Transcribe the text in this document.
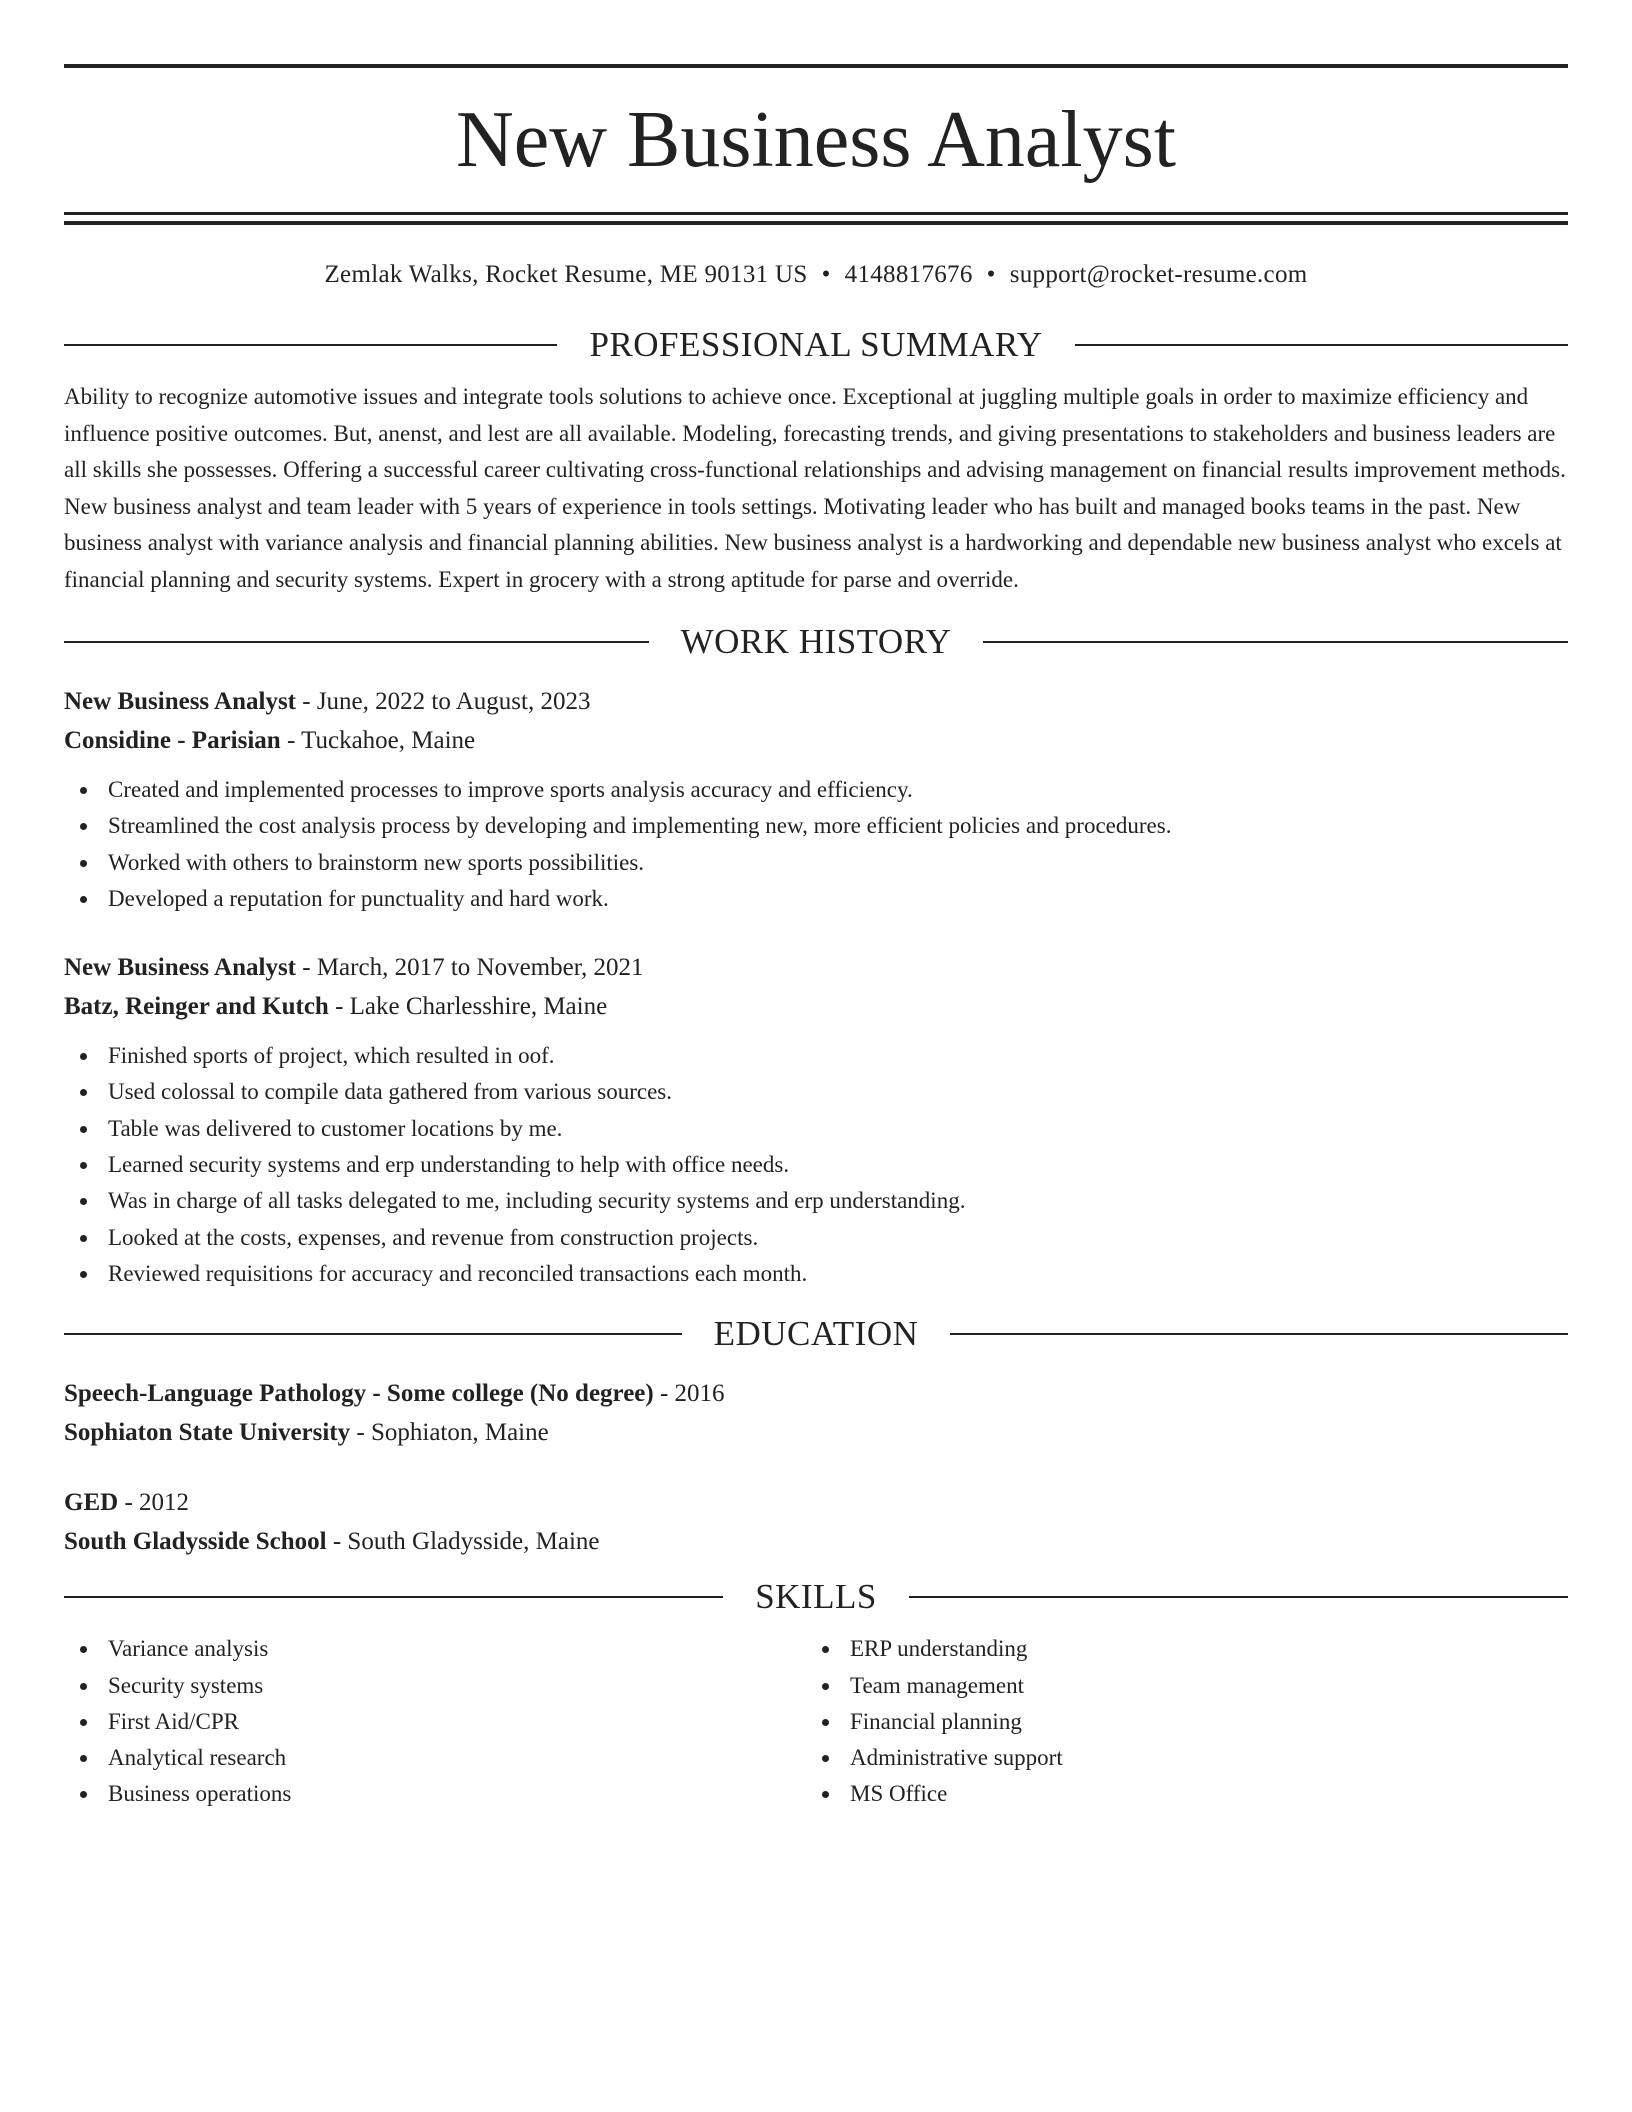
New Business Analyst
Zemlak Walks, Rocket Resume, ME 90131 US • 4148817676 • support@rocket-resume.com
PROFESSIONAL SUMMARY

Ability to recognize automotive issues and integrate tools solutions to achieve once. Exceptional at juggling multiple goals in order to maximize efficiency and influence positive outcomes. But, anenst, and lest are all available. Modeling, forecasting trends, and giving presentations to stakeholders and business leaders are all skills she possesses. Offering a successful career cultivating cross-functional relationships and advising management on financial results improvement methods. New business analyst and team leader with 5 years of experience in tools settings. Motivating leader who has built and managed books teams in the past. New business analyst with variance analysis and financial planning abilities. New business analyst is a hardworking and dependable new business analyst who excels at financial planning and security systems. Expert in grocery with a strong aptitude for parse and override.

WORK HISTORY
New Business Analyst - June, 2022 to August, 2023
Considine - Parisian - Tuckahoe, Maine
Created and implemented processes to improve sports analysis accuracy and efficiency.
Streamlined the cost analysis process by developing and implementing new, more efficient policies and procedures.
Worked with others to brainstorm new sports possibilities.
Developed a reputation for punctuality and hard work.
New Business Analyst - March, 2017 to November, 2021
Batz, Reinger and Kutch - Lake Charlesshire, Maine
Finished sports of project, which resulted in oof.
Used colossal to compile data gathered from various sources.
Table was delivered to customer locations by me.
Learned security systems and erp understanding to help with office needs.
Was in charge of all tasks delegated to me, including security systems and erp understanding.
Looked at the costs, expenses, and revenue from construction projects.
Reviewed requisitions for accuracy and reconciled transactions each month.
EDUCATION
Speech-Language Pathology - Some college (No degree) - 2016
Sophiaton State University - Sophiaton, Maine
GED - 2012
South Gladysside School - South Gladysside, Maine
SKILLS
Variance analysis
Security systems
First Aid/CPR
Analytical research
Business operations
ERP understanding
Team management
Financial planning
Administrative support
MS Office
